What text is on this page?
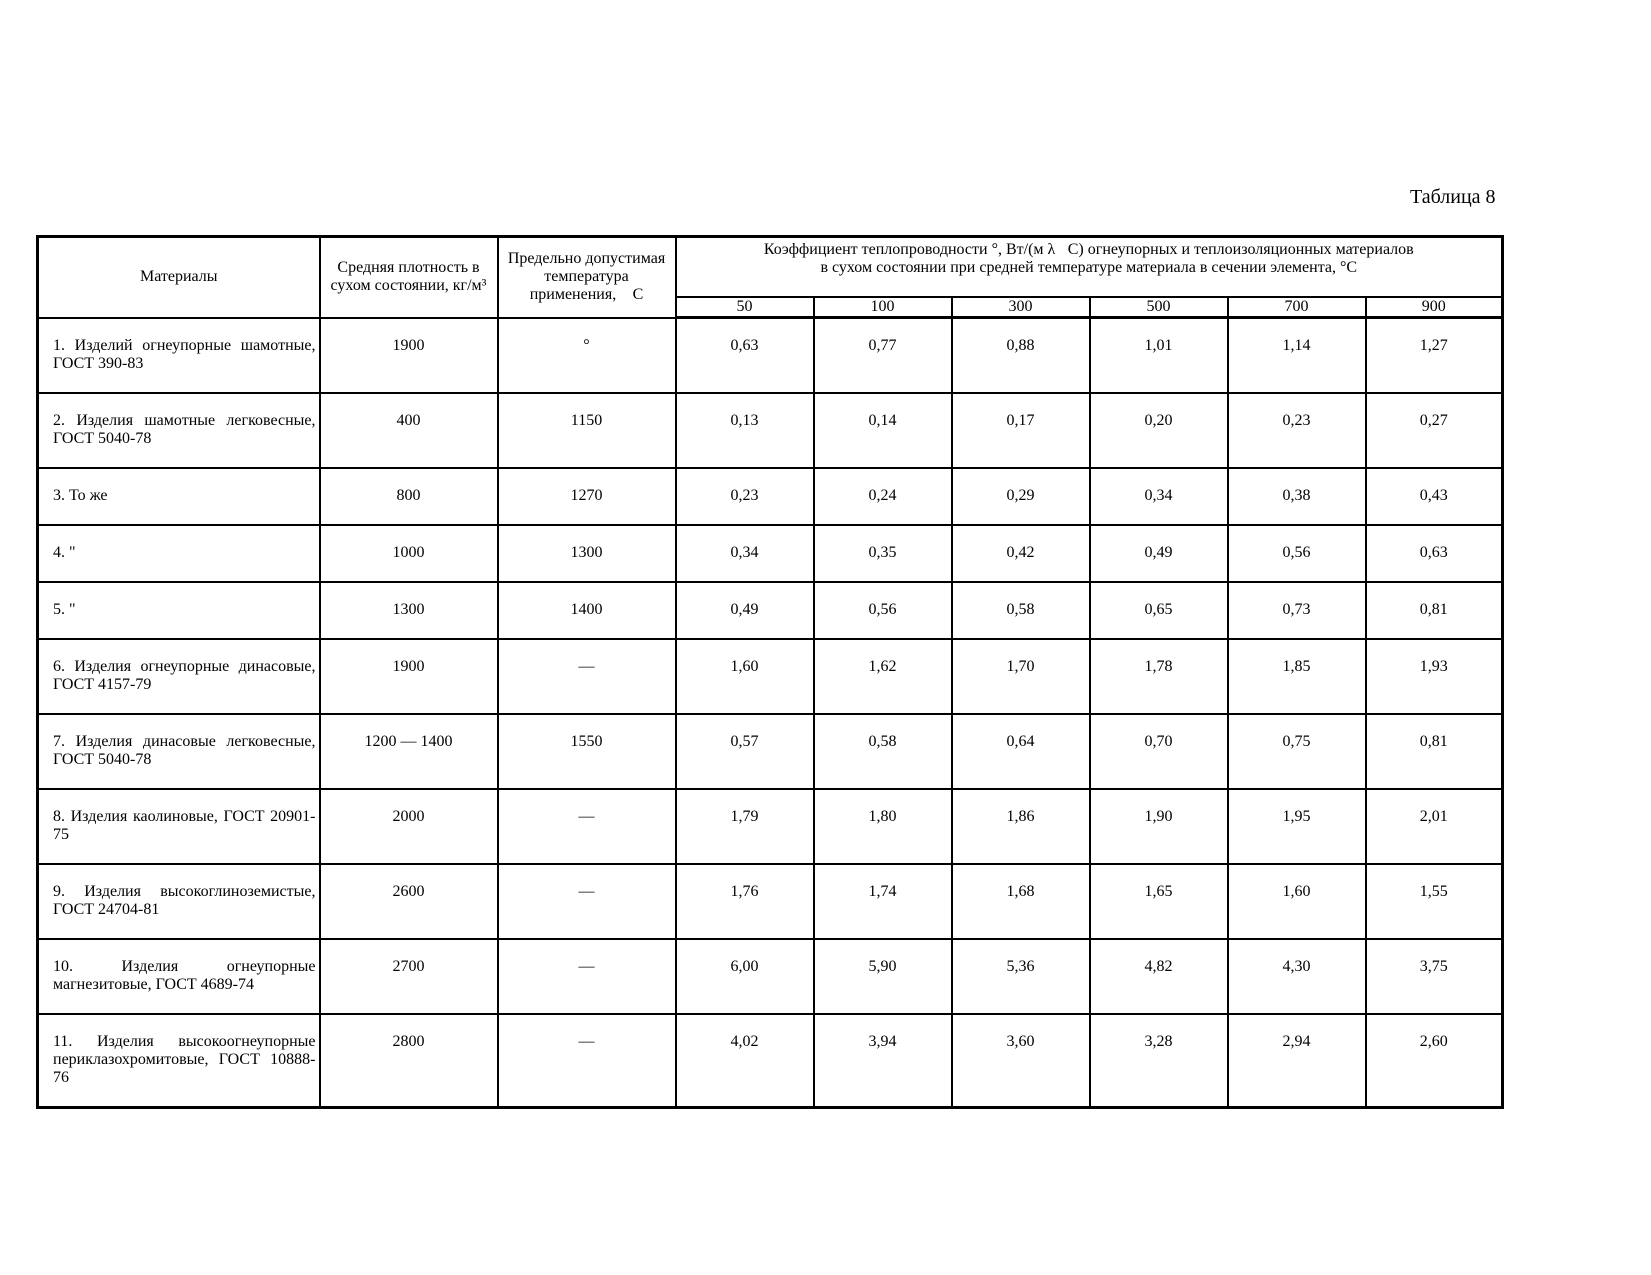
Таблица 8
Материалы	Средняя плотность в сухом состоянии, кг/м³	Предельно допустимая температура применения, С	Коэффициент теплопроводности °, Вт/(м λ С) огнеупорных и теплоизоляционных материалов
в сухом состоянии при средней температуре материала в сечении элемента, °С					

			50	100	300	500	700	900
1. Изделий огнеупорные шамотные, ГОСТ 390-83	1900	°	0,63	0,77	0,88	1,01	1,14	1,27
2. Изделия шамотные легковесные, ГОСТ 5040-78	400	1150	0,13	0,14	0,17	0,20	0,23	0,27
3. То же	800	1270	0,23	0,24	0,29	0,34	0,38	0,43
4. "	1000	1300	0,34	0,35	0,42	0,49	0,56	0,63
5. "	1300	1400	0,49	0,56	0,58	0,65	0,73	0,81
6. Изделия огнеупорные динасовые, ГОСТ 4157-79	1900	—	1,60	1,62	1,70	1,78	1,85	1,93
7. Изделия динасовые легковесные, ГОСТ 5040-78	1200 — 1400	1550	0,57	0,58	0,64	0,70	0,75	0,81
8. Изделия каолиновые, ГОСТ 20901-75	2000	—	1,79	1,80	1,86	1,90	1,95	2,01
9. Изделия высокоглиноземистые, ГОСТ 24704-81	2600	—	1,76	1,74	1,68	1,65	1,60	1,55
10. Изделия огнеупорные магнезитовые, ГОСТ 4689-74	2700	—	6,00	5,90	5,36	4,82	4,30	3,75
11. Изделия высокоогнеупорные периклазохромитовые, ГОСТ 10888-76	2800	—	4,02	3,94	3,60	3,28	2,94	2,60
